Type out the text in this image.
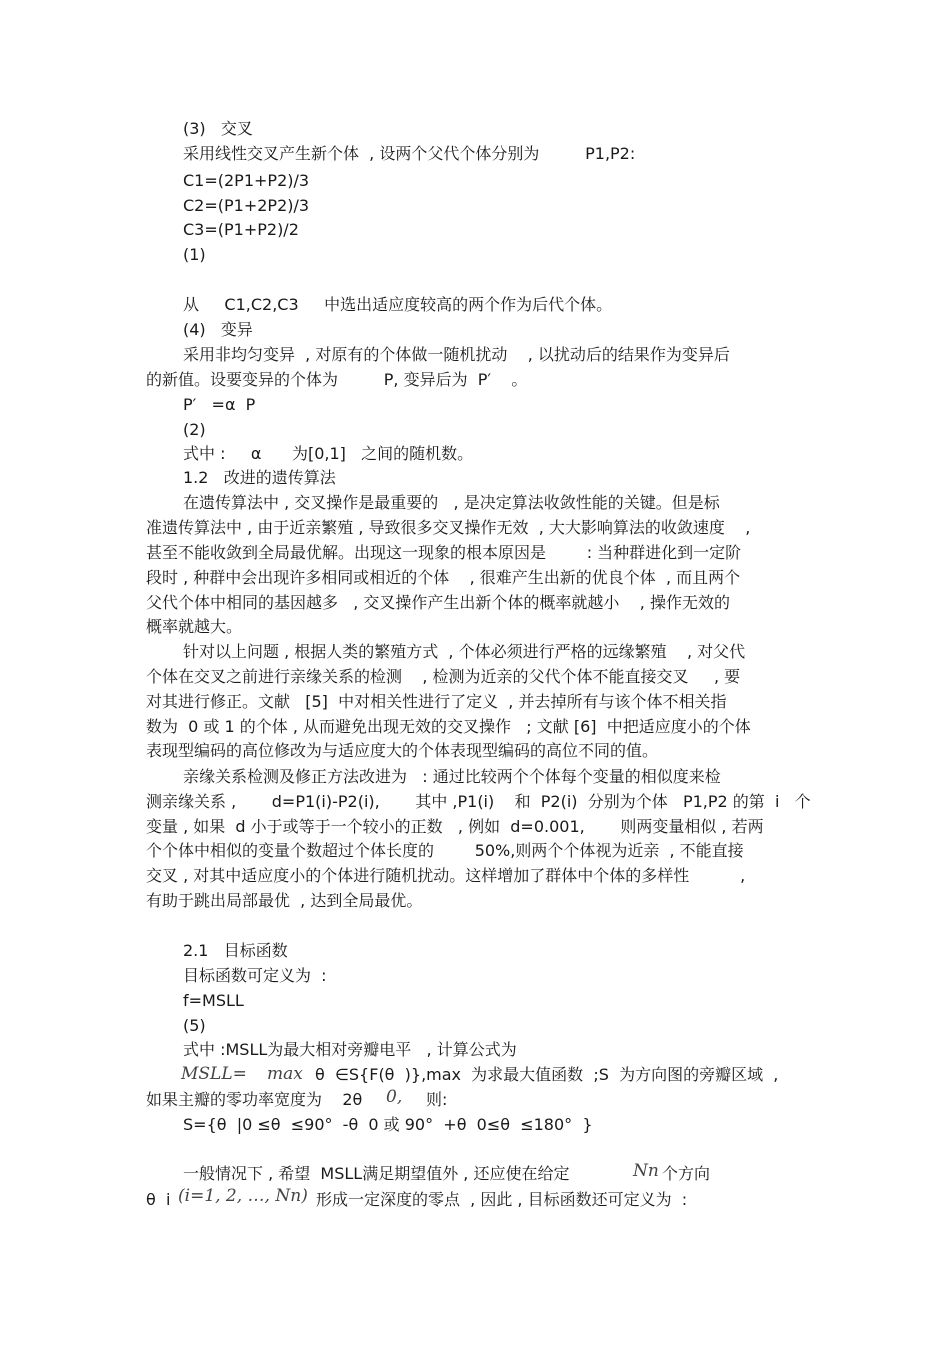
(3)   交叉
采用线性交叉产生新个体  , 设两个父代个体分别为         P1,P2:
C1=(2P1+P2)/3
C2=(P1+2P2)/3
C3=(P1+P2)/2
(1)
从     C1,C2,C3     中选出适应度较高的两个作为后代个体。
(4)   变异
采用非均匀变异  , 对原有的个体做一随机扰动    , 以扰动后的结果作为变异后
的新值。设要变异的个体为         P, 变异后为  P′    。
P′   =α  P
(2)
式中 :     α      为[0,1]   之间的随机数。
1.2   改进的遗传算法
在遗传算法中 , 交叉操作是最重要的   , 是决定算法收敛性能的关键。但是标
准遗传算法中 , 由于近亲繁殖 , 导致很多交叉操作无效  , 大大影响算法的收敛速度    ,
甚至不能收敛到全局最优解。出现这一现象的根本原因是        : 当种群进化到一定阶
段时 , 种群中会出现许多相同或相近的个体    , 很难产生出新的优良个体  , 而且两个
父代个体中相同的基因越多   , 交叉操作产生出新个体的概率就越小    , 操作无效的
概率就越大。
针对以上问题 , 根据人类的繁殖方式  , 个体必须进行严格的远缘繁殖    , 对父代
个体在交叉之前进行亲缘关系的检测    , 检测为近亲的父代个体不能直接交叉     , 要
对其进行修正。文献   [5]  中对相关性进行了定义  , 并去掉所有与该个体不相关指
数为  0 或 1 的个体 , 从而避免出现无效的交叉操作   ; 文献 [6]  中把适应度小的个体
表现型编码的高位修改为与适应度大的个体表现型编码的高位不同的值。
亲缘关系检测及修正方法改进为   : 通过比较两个个体每个变量的相似度来检
测亲缘关系 ,       d=P1(i)-P2(i),       其中 ,P1(i)    和  P2(i)  分别为个体   P1,P2 的第  i   个
变量 , 如果  d 小于或等于一个较小的正数   , 例如  d=0.001,       则两变量相似 , 若两
个个体中相似的变量个数超过个体长度的        50%,则两个个体视为近亲  , 不能直接
交叉 , 对其中适应度小的个体进行随机扰动。这样增加了群体中个体的多样性          ,
有助于跳出局部最优  , 达到全局最优。
2.1   目标函数
目标函数可定义为  :
f=MSLL
(5)
式中 :MSLL为最大相对旁瓣电平   , 计算公式为
MSLL= max θ  ∈S{F(θ  )},max  为求最大值函数  ;S  为方向图的旁瓣区域  ,
如果主瓣的零功率宽度为    2θ 0, 则:
S={θ  |0 ≤θ  ≤90°  -θ  0 或 90°  +θ  0≤θ  ≤180°  }
一般情况下 , 希望  MSLL满足期望值外 , 还应使在给定	Nn 个方向
θ  i (i=1, 2, …, Nn) 形成一定深度的零点  , 因此 , 目标函数还可定义为  :
